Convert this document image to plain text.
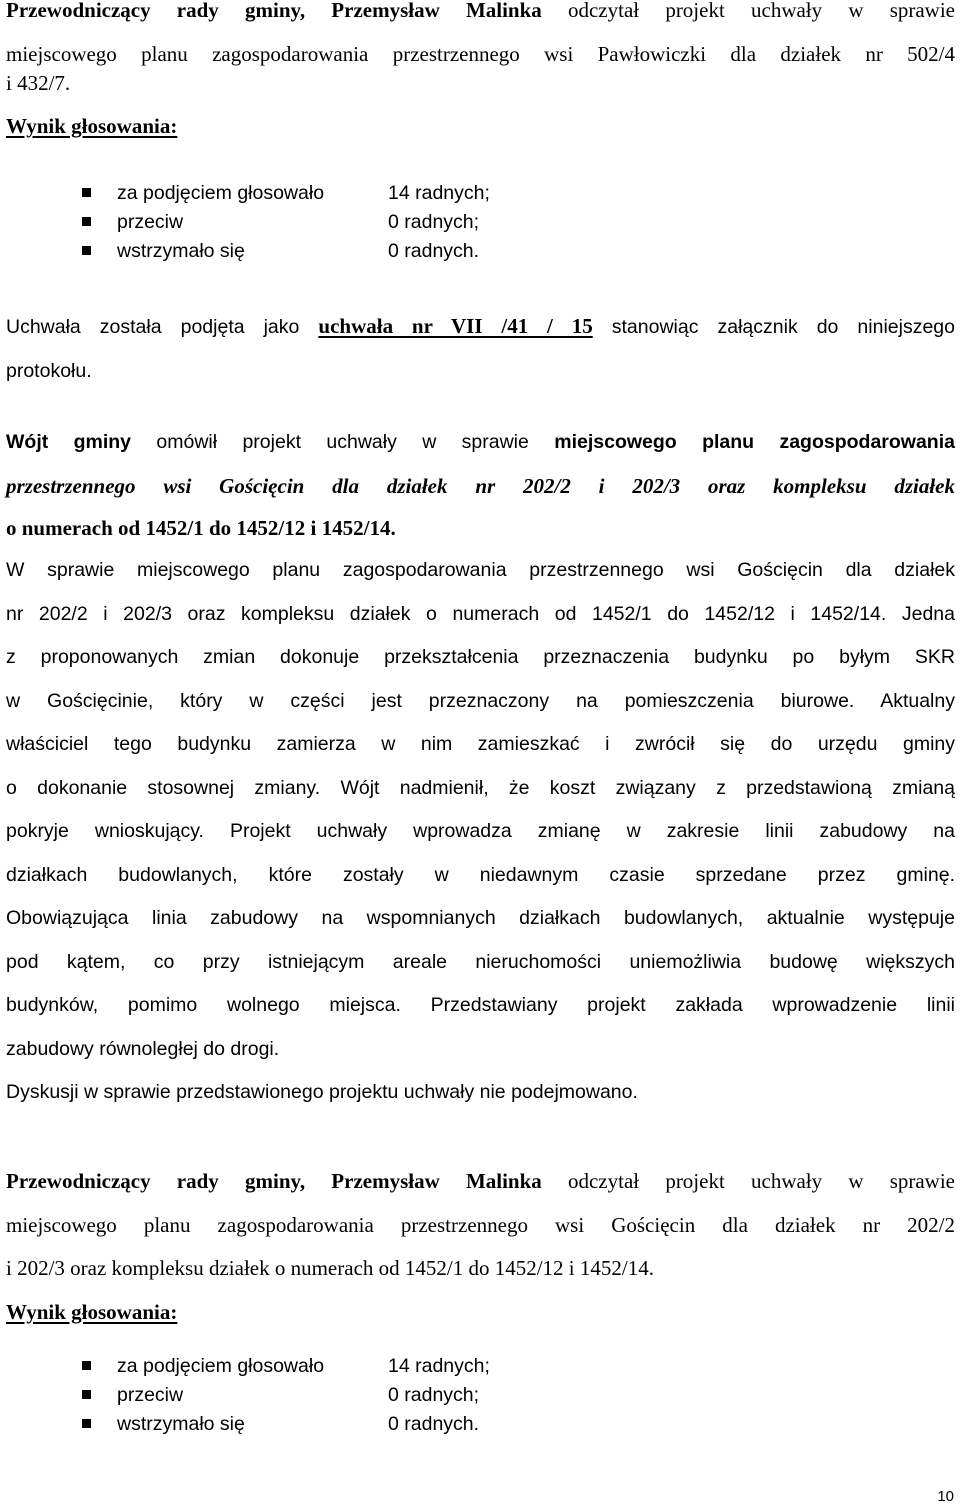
Przewodniczący rady gminy, Przemysław Malinka odczytał projekt uchwały w sprawie

miejscowego planu zagospodarowania przestrzennego wsi Pawłowiczki dla działek nr 502/4

i 432/7.

Wynik głosowania:

za podjęciem głosowało	14 radnych;
przeciw	0 radnych;
wstrzymało się	0 radnych.

Uchwała została podjęta jako uchwała nr VII /41 / 15 stanowiąc załącznik do niniejszego

protokołu.

Wójt gminy omówił projekt uchwały w sprawie miejscowego planu zagospodarowania

przestrzennego wsi Gościęcin dla działek nr 202/2 i 202/3 oraz kompleksu działek

o numerach od 1452/1 do 1452/12 i 1452/14.

W sprawie miejscowego planu zagospodarowania przestrzennego wsi Gościęcin dla działek

nr 202/2 i 202/3 oraz kompleksu działek o numerach od 1452/1 do 1452/12 i 1452/14. Jedna

z proponowanych zmian dokonuje przekształcenia przeznaczenia budynku po byłym SKR

w Gościęcinie, który w części jest przeznaczony na pomieszczenia biurowe. Aktualny

właściciel tego budynku zamierza w nim zamieszkać i zwrócił się do urzędu gminy

o dokonanie stosownej zmiany. Wójt nadmienił, że koszt związany z przedstawioną zmianą

pokryje wnioskujący. Projekt uchwały wprowadza zmianę w zakresie linii zabudowy na

działkach budowlanych, które zostały w niedawnym czasie sprzedane przez gminę.

Obowiązująca linia zabudowy na wspomnianych działkach budowlanych, aktualnie występuje

pod kątem, co przy istniejącym areale nieruchomości uniemożliwia budowę większych

budynków, pomimo wolnego miejsca. Przedstawiany projekt zakłada wprowadzenie linii

zabudowy równoległej do drogi.

Dyskusji w sprawie przedstawionego projektu uchwały nie podejmowano.

Przewodniczący rady gminy, Przemysław Malinka odczytał projekt uchwały w sprawie

miejscowego planu zagospodarowania przestrzennego wsi Gościęcin dla działek nr 202/2

i 202/3 oraz kompleksu działek o numerach od 1452/1 do 1452/12 i 1452/14.

Wynik głosowania:

za podjęciem głosowało	14 radnych;
przeciw	0 radnych;
wstrzymało się	0 radnych.
10
